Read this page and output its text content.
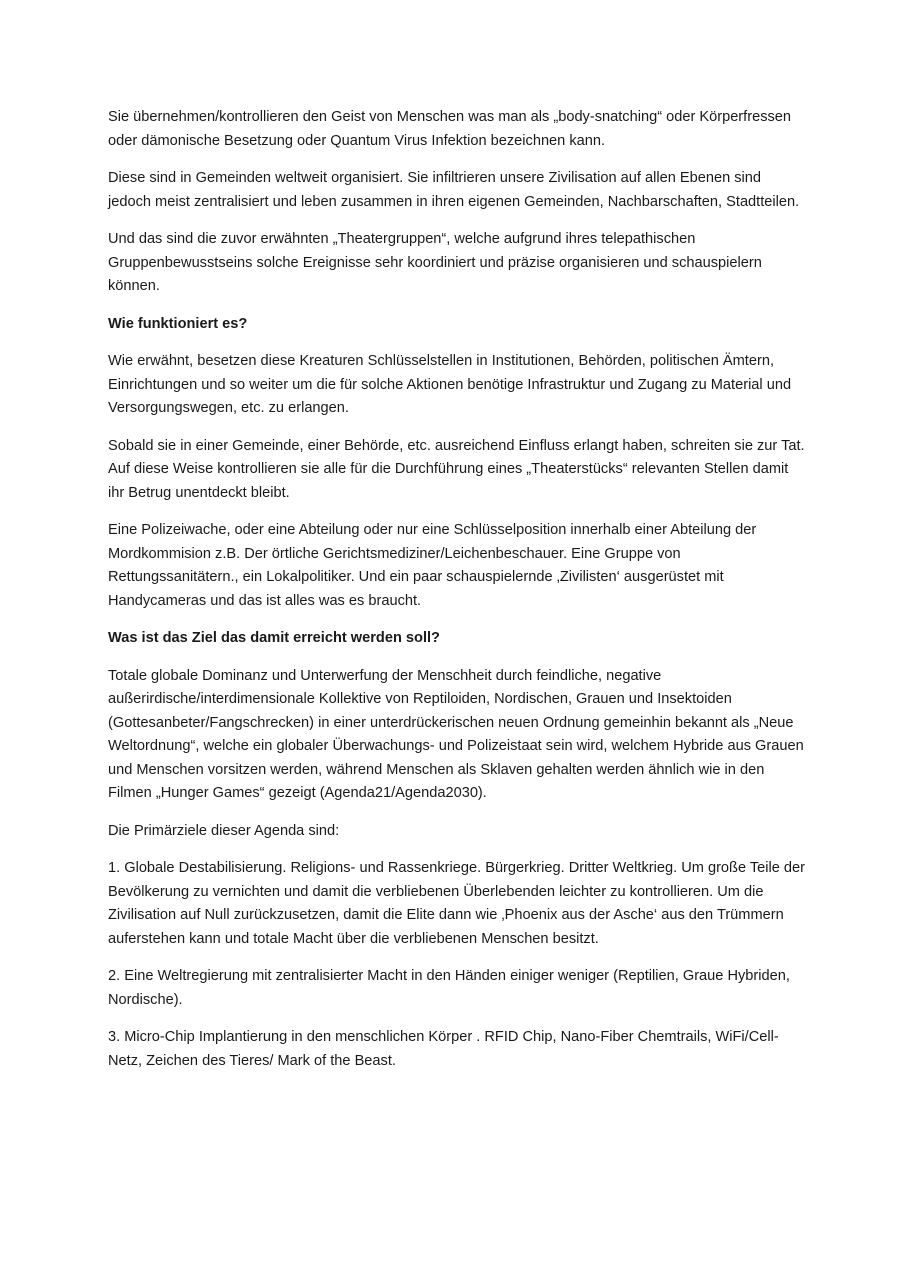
Sie übernehmen/kontrollieren den Geist von Menschen was man als „body-snatching“ oder Körperfressen oder dämonische Besetzung oder Quantum Virus Infektion bezeichnen kann.

Diese sind in Gemeinden weltweit organisiert. Sie infiltrieren unsere Zivilisation auf allen Ebenen sind jedoch meist zentralisiert und leben zusammen in ihren eigenen Gemeinden, Nachbarschaften, Stadtteilen.

Und das sind die zuvor erwähnten „Theatergruppen“, welche aufgrund ihres telepathischen Gruppenbewusstseins solche Ereignisse sehr koordiniert und präzise organisieren und schauspielern können.

Wie funktioniert es?

Wie erwähnt, besetzen diese Kreaturen Schlüsselstellen in Institutionen, Behörden, politischen Ämtern, Einrichtungen und so weiter um die für solche Aktionen benötige Infrastruktur und Zugang zu Material und Versorgungswegen, etc. zu erlangen.

Sobald sie in einer Gemeinde, einer Behörde, etc. ausreichend Einfluss erlangt haben, schreiten sie zur Tat. Auf diese Weise kontrollieren sie alle für die Durchführung eines „Theaterstücks“ relevanten Stellen damit ihr Betrug unentdeckt bleibt.

Eine Polizeiwache, oder eine Abteilung oder nur eine Schlüsselposition innerhalb einer Abteilung der Mordkommision z.B. Der örtliche Gerichtsmediziner/Leichenbeschauer. Eine Gruppe von Rettungssanitätern., ein Lokalpolitiker. Und ein paar schauspielernde ‚Zivilisten‘ ausgerüstet mit Handycameras und das ist alles was es braucht.

Was ist das Ziel das damit erreicht werden soll?

Totale globale Dominanz und Unterwerfung der Menschheit durch feindliche, negative außerirdische/interdimensionale Kollektive von Reptiloiden, Nordischen, Grauen und Insektoiden (Gottesanbeter/Fangschrecken) in einer unterdrückerischen neuen Ordnung gemeinhin bekannt als „Neue Weltordnung“, welche ein globaler Überwachungs- und Polizeistaat sein wird, welchem Hybride aus Grauen und Menschen vorsitzen werden, während Menschen als Sklaven gehalten werden ähnlich wie in den Filmen „Hunger Games“ gezeigt (Agenda21/Agenda2030).

Die Primärziele dieser Agenda sind:

1. Globale Destabilisierung. Religions- und Rassenkriege. Bürgerkrieg. Dritter Weltkrieg. Um große Teile der Bevölkerung zu vernichten und damit die verbliebenen Überlebenden leichter zu kontrollieren. Um die Zivilisation auf Null zurückzusetzen, damit die Elite dann wie ‚Phoenix aus der Asche‘ aus den Trümmern auferstehen kann und totale Macht über die verbliebenen Menschen besitzt.

2. Eine Weltregierung mit zentralisierter Macht in den Händen einiger weniger (Reptilien, Graue Hybriden, Nordische).

3. Micro-Chip Implantierung in den menschlichen Körper . RFID Chip, Nano-Fiber Chemtrails, WiFi/Cell-Netz, Zeichen des Tieres/ Mark of the Beast.
